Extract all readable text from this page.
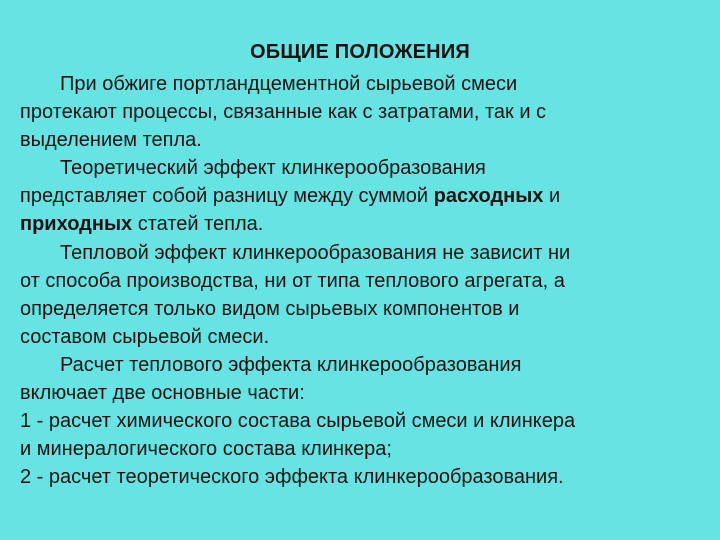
ОБЩИЕ ПОЛОЖЕНИЯ
При обжиге портландцементной сырьевой смеси
протекают процессы, связанные как с затратами, так и с
выделением тепла.
Теоретический эффект клинкерообразования
представляет собой разницу между суммой расходных и
приходных статей тепла.
Тепловой эффект клинкерообразования не зависит ни
от способа производства, ни от типа теплового агрегата, а
определяется только видом сырьевых компонентов и
составом сырьевой смеси.
Расчет теплового эффекта клинкерообразования
включает две основные части:
1 - расчет химического состава сырьевой смеси и клинкера
и минералогического состава клинкера;
2 - расчет теоретического эффекта клинкерообразования.
